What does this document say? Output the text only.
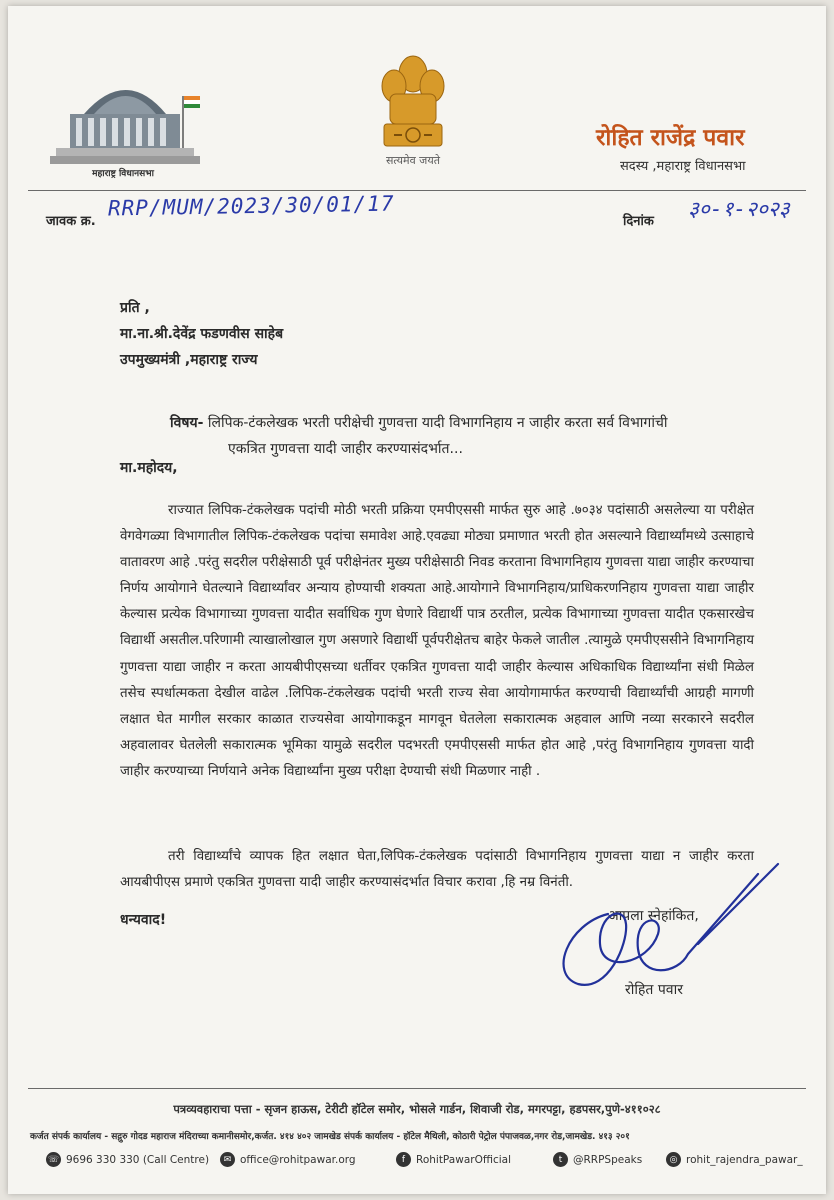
महाराष्ट्र विधानसभा
सत्यमेव जयते
रोहित राजेंद्र पवार
सदस्य ,महाराष्ट्र विधानसभा
जावक क्र.
RRP/MUM/2023/30/01/17
दिनांक
३०-१-२०२३
प्रति ,
मा.ना.श्री.देवेंद्र फडणवीस साहेब
उपमुख्यमंत्री ,महाराष्ट्र राज्य
विषय- लिपिक-टंकलेखक भरती परीक्षेची गुणवत्ता यादी विभागनिहाय न जाहीर करता सर्व विभागांची
एकत्रित गुणवत्ता यादी जाहीर करण्यासंदर्भात...
मा.महोदय,
राज्यात लिपिक-टंकलेखक पदांची मोठी भरती प्रक्रिया एमपीएससी मार्फत सुरु आहे .७०३४ पदांसाठी असलेल्या या परीक्षेत वेगवेगळ्या विभागातील लिपिक-टंकलेखक पदांचा समावेश आहे.एवढ्या मोठ्या प्रमाणात भरती होत असल्याने विद्यार्थ्यांमध्ये उत्साहाचे वातावरण आहे .परंतु सदरील परीक्षेसाठी पूर्व परीक्षेनंतर मुख्य परीक्षेसाठी निवड करताना विभागनिहाय गुणवत्ता याद्या जाहीर करण्याचा निर्णय आयोगाने घेतल्याने विद्यार्थ्यांवर अन्याय होण्याची शक्यता आहे.आयोगाने विभागनिहाय/प्राधिकरणनिहाय गुणवत्ता याद्या जाहीर केल्यास प्रत्येक विभागाच्या गुणवत्ता यादीत सर्वाधिक गुण घेणारे विद्यार्थी पात्र ठरतील, प्रत्येक विभागाच्या गुणवत्ता यादीत एकसारखेच विद्यार्थी असतील.परिणामी त्याखालोखाल गुण असणारे विद्यार्थी पूर्वपरीक्षेतच बाहेर फेकले जातील .त्यामुळे एमपीएससीने विभागनिहाय गुणवत्ता याद्या जाहीर न करता आयबीपीएसच्या धर्तीवर एकत्रित गुणवत्ता यादी जाहीर केल्यास अधिकाधिक विद्यार्थ्यांना संधी मिळेल तसेच स्पर्धात्मकता देखील वाढेल .लिपिक-टंकलेखक पदांची भरती राज्य सेवा आयोगामार्फत करण्याची विद्यार्थ्यांची आग्रही मागणी लक्षात घेत मागील सरकार काळात राज्यसेवा आयोगाकडून मागवून घेतलेला सकारात्मक अहवाल आणि नव्या सरकारने सदरील अहवालावर घेतलेली सकारात्मक भूमिका यामुळे सदरील पदभरती एमपीएससी मार्फत होत आहे ,परंतु विभागनिहाय गुणवत्ता यादी जाहीर करण्याच्या निर्णयाने अनेक विद्यार्थ्यांना मुख्य परीक्षा देण्याची संधी मिळणार नाही .
तरी विद्यार्थ्यांचे व्यापक हित लक्षात घेता,लिपिक-टंकलेखक पदांसाठी विभागनिहाय गुणवत्ता याद्या न जाहीर करता आयबीपीएस प्रमाणे एकत्रित गुणवत्ता यादी जाहीर करण्यासंदर्भात विचार करावा ,हि नम्र विनंती.
धन्यवाद!	आपला स्नेहांकित,
रोहित पवार
पत्रव्यवहाराचा पत्ता - सृजन हाऊस, टेरीटी हॉटेल समोर, भोसले गार्डन, शिवाजी रोड, मगरपट्टा, हडपसर,पुणे-४११०२८
कर्जत संपर्क कार्यालय - सद्गुरु गोदड महाराज मंदिराच्या कमानीसमोर,कर्जत. ४१४ ४०२ जामखेड संपर्क कार्यालय - हॉटेल मैथिली, कोठारी पेट्रोल पंपाजवळ,नगर रोड,जामखेड. ४१३ २०१
☏ 9696 330 330 (Call Centre)	✉ office@rohitpawar.org	f	RohitPawarOfficial	t	@RRPSpeaks	◎ rohit_rajendra_pawar_
